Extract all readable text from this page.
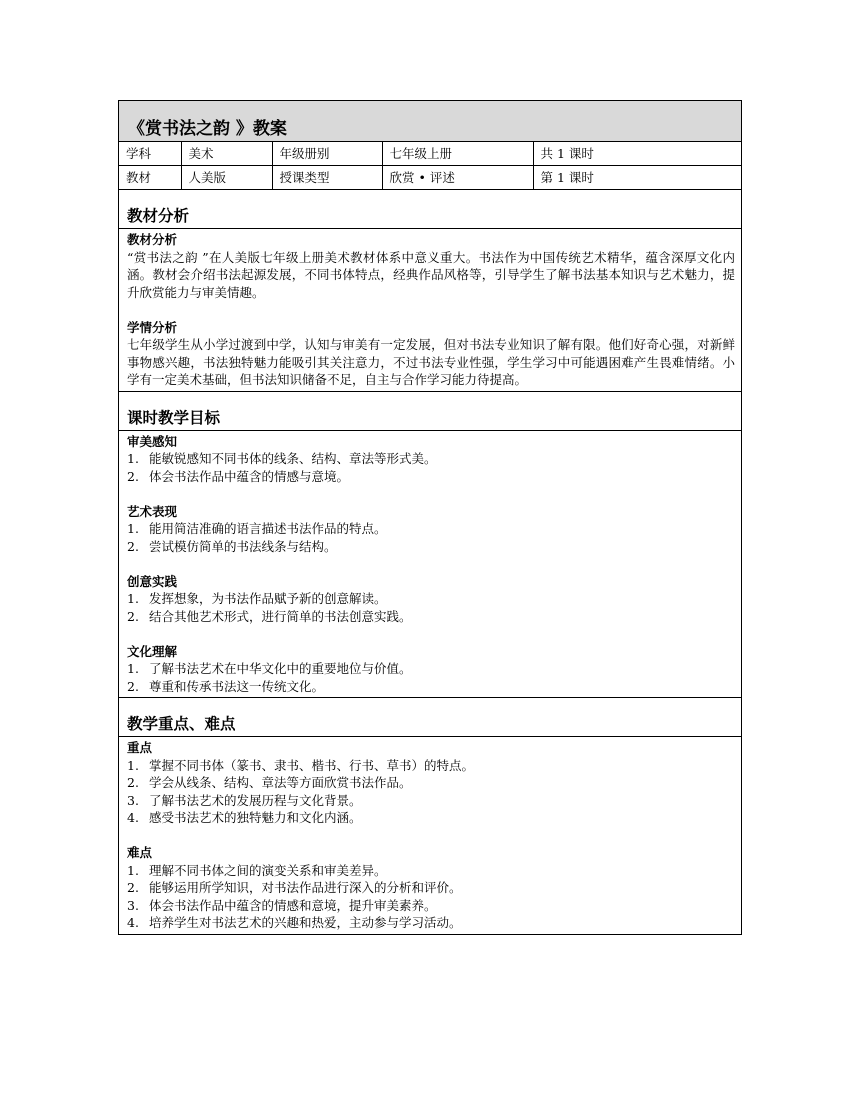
《赏书法之韵 》教案
学科	美术	年级册别	七年级上册	共 1 课时
教材	人美版	授课类型	欣赏 • 评述	第 1 课时
教材分析
教材分析
“赏书法之韵 ”在人美版七年级上册美术教材体系中意义重大。书法作为中国传统艺术精华，蕴含深厚文化内涵。教材会介绍书法起源发展，不同书体特点，经典作品风格等，引导学生了解书法基本知识与艺术魅力，提升欣赏能力与审美情趣。
学情分析
七年级学生从小学过渡到中学，认知与审美有一定发展，但对书法专业知识了解有限。他们好奇心强，对新鲜事物感兴趣，书法独特魅力能吸引其关注意力，不过书法专业性强，学生学习中可能遇困难产生畏难情绪。小学有一定美术基础，但书法知识储备不足，自主与合作学习能力待提高。
课时教学目标
审美感知
1. 能敏锐感知不同书体的线条、结构、章法等形式美。
2. 体会书法作品中蕴含的情感与意境。
艺术表现
1. 能用简洁准确的语言描述书法作品的特点。
2. 尝试模仿简单的书法线条与结构。
创意实践
1. 发挥想象，为书法作品赋予新的创意解读。
2. 结合其他艺术形式，进行简单的书法创意实践。
文化理解
1. 了解书法艺术在中华文化中的重要地位与价值。
2. 尊重和传承书法这一传统文化。
教学重点、难点
重点
1. 掌握不同书体（篆书、隶书、楷书、行书、草书）的特点。
2. 学会从线条、结构、章法等方面欣赏书法作品。
3. 了解书法艺术的发展历程与文化背景。
4. 感受书法艺术的独特魅力和文化内涵。
难点
1. 理解不同书体之间的演变关系和审美差异。
2. 能够运用所学知识，对书法作品进行深入的分析和评价。
3. 体会书法作品中蕴含的情感和意境，提升审美素养。
4. 培养学生对书法艺术的兴趣和热爱，主动参与学习活动。
